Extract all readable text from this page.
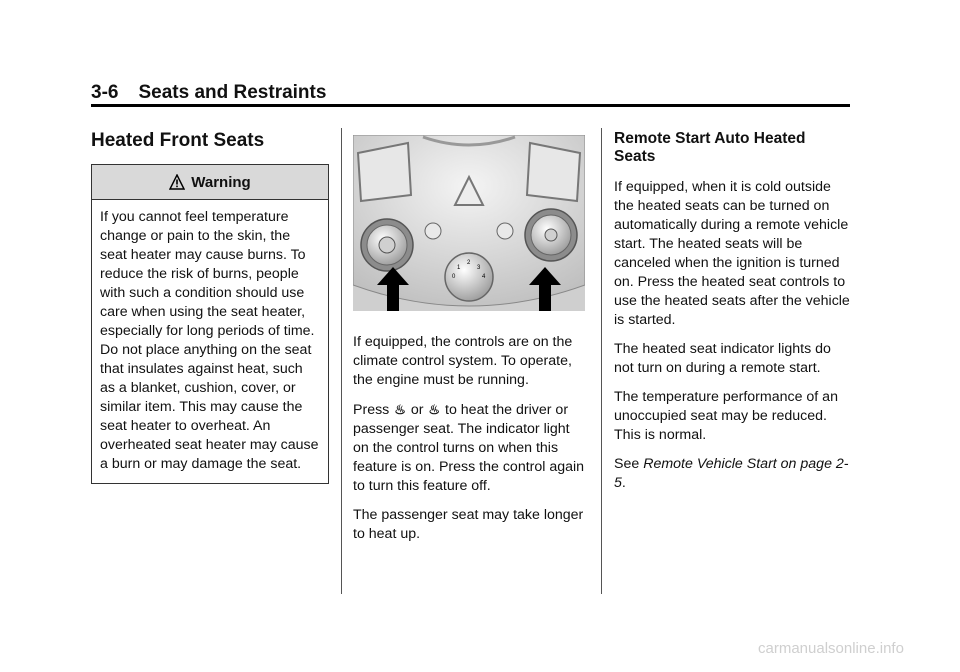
3-6 Seats and Restraints
Heated Front Seats
Warning
If you cannot feel temperature change or pain to the skin, the seat heater may cause burns. To reduce the risk of burns, people with such a condition should use care when using the seat heater, especially for long periods of time. Do not place anything on the seat that insulates against heat, such as a blanket, cushion, cover, or similar item. This may cause the seat heater to overheat. An overheated seat heater may cause a burn or may damage the seat.
1
2
3
0	4

If equipped, the controls are on the climate control system. To operate, the engine must be running.

Press ♨ or ♨ to heat the driver or passenger seat. The indicator light on the control turns on when this feature is on. Press the control again to turn this feature off.

The passenger seat may take longer to heat up.

Remote Start Auto Heated Seats

If equipped, when it is cold outside the heated seats can be turned on automatically during a remote vehicle start. The heated seats will be canceled when the ignition is turned on. Press the heated seat controls to use the heated seats after the vehicle is started.

The heated seat indicator lights do not turn on during a remote start.

The temperature performance of an unoccupied seat may be reduced. This is normal.

See Remote Vehicle Start on page 2-5.

carmanualsonline.info
